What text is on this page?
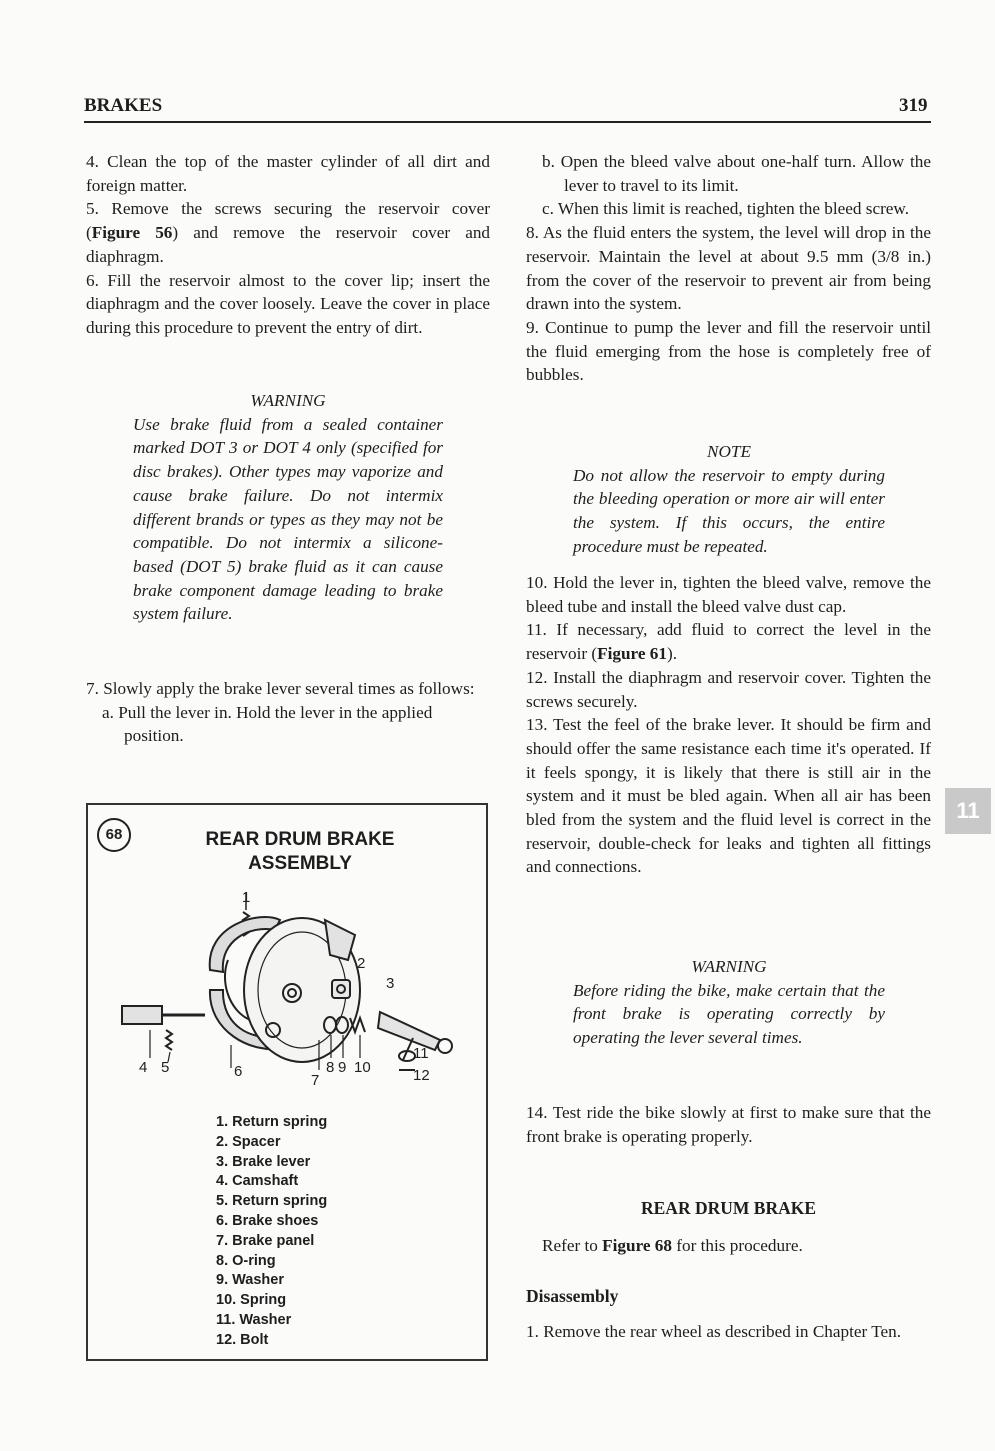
BRAKES	319

4. Clean the top of the master cylinder of all dirt and foreign matter.

5. Remove the screws securing the reservoir cover (Figure 56) and remove the reservoir cover and diaphragm.

6. Fill the reservoir almost to the cover lip; insert the diaphragm and the cover loosely. Leave the cover in place during this procedure to prevent the entry of dirt.

WARNING

Use brake fluid from a sealed container marked DOT 3 or DOT 4 only (specified for disc brakes). Other types may vaporize and cause brake failure. Do not intermix different brands or types as they may not be compatible. Do not intermix a silicone-based (DOT 5) brake fluid as it can cause brake component damage leading to brake system failure.

7. Slowly apply the brake lever several times as follows:

a. Pull the lever in. Hold the lever in the applied position.

68	REAR DRUM BRAKE
ASSEMBLY
1
2
3
4 5	6
7
8 9 10
11
12
1. Return spring
2. Spacer
3. Brake lever
4. Camshaft
5. Return spring
6. Brake shoes
7. Brake panel
8. O-ring
9. Washer
10. Spring
11. Washer
12. Bolt

b. Open the bleed valve about one-half turn. Allow the lever to travel to its limit.

c. When this limit is reached, tighten the bleed screw.

8. As the fluid enters the system, the level will drop in the reservoir. Maintain the level at about 9.5 mm (3/8 in.) from the cover of the reservoir to prevent air from being drawn into the system.

9. Continue to pump the lever and fill the reservoir until the fluid emerging from the hose is completely free of bubbles.

NOTE

Do not allow the reservoir to empty during the bleeding operation or more air will enter the system. If this occurs, the entire procedure must be repeated.

10. Hold the lever in, tighten the bleed valve, remove the bleed tube and install the bleed valve dust cap.

11. If necessary, add fluid to correct the level in the reservoir (Figure 61).

12. Install the diaphragm and reservoir cover. Tighten the screws securely.

13. Test the feel of the brake lever. It should be firm and should offer the same resistance each time it's operated. If it feels spongy, it is likely that there is still air in the system and it must be bled again. When all air has been bled from the system and the fluid level is correct in the reservoir, double-check for leaks and tighten all fittings and connections.

WARNING

Before riding the bike, make certain that the front brake is operating correctly by operating the lever several times.

14. Test ride the bike slowly at first to make sure that the front brake is operating properly.

REAR DRUM BRAKE

Refer to Figure 68 for this procedure.

Disassembly

1. Remove the rear wheel as described in Chapter Ten.

11
